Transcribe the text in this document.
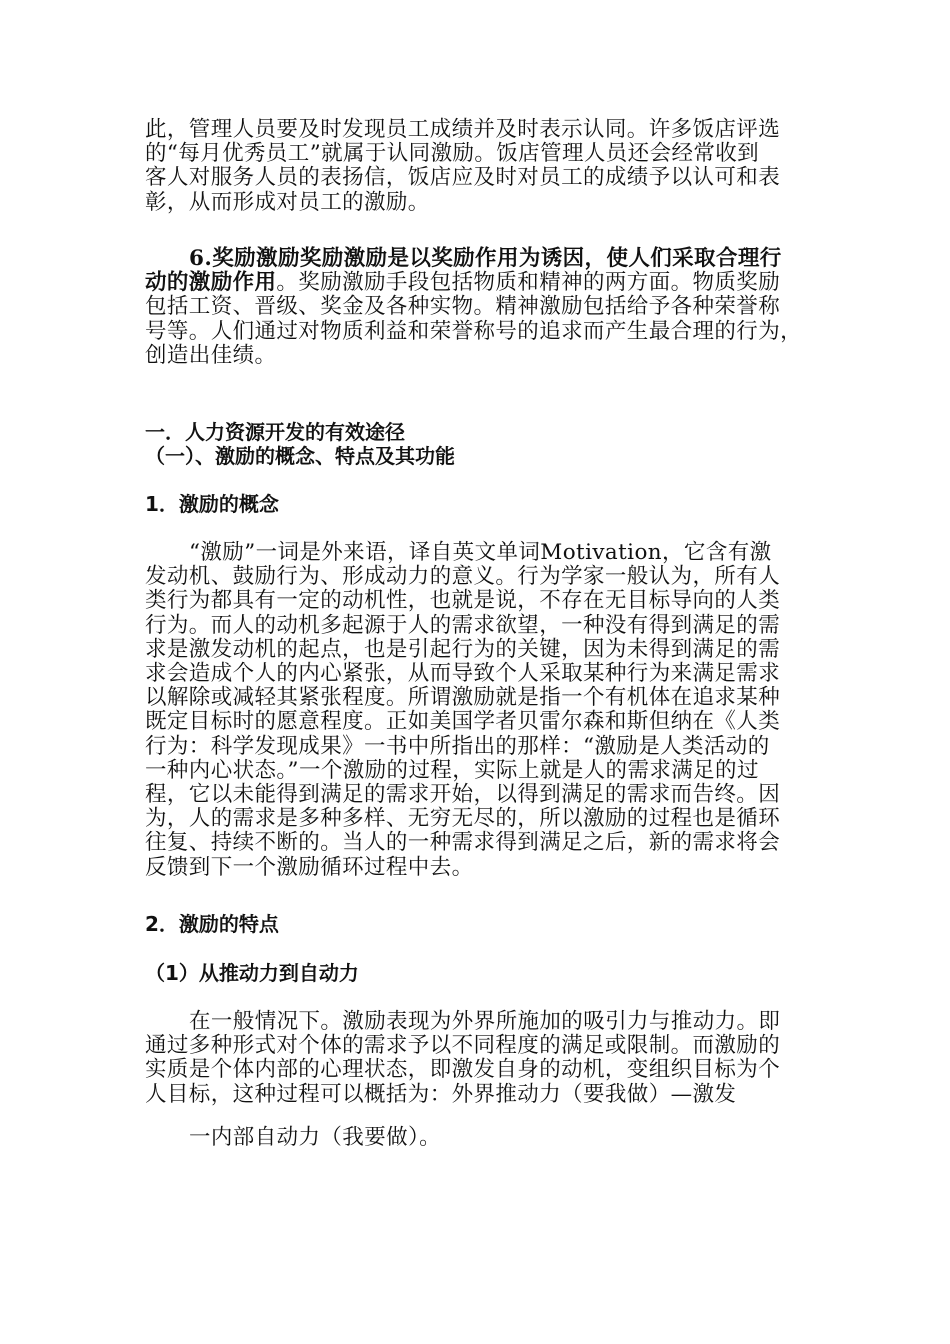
此，管理人员要及时发现员工成绩并及时表示认同。许多饭店评选
的“每月优秀员工”就属于认同激励。饭店管理人员还会经常收到
客人对服务人员的表扬信，饭店应及时对员工的成绩予以认可和表
彰，从而形成对员工的激励。

6.奖励激励奖励激励是以奖励作用为诱因，使人们采取合理行
动的激励作用。奖励激励手段包括物质和精神的两方面。物质奖励
包括工资、晋级、奖金及各种实物。精神激励包括给予各种荣誉称
号等。人们通过对物质利益和荣誉称号的追求而产生最合理的行为，
创造出佳绩。

一．人力资源开发的有效途径
（一）、激励的概念、特点及其功能
1．激励的概念

“激励”一词是外来语，译自英文单词Motivation，它含有激
发动机、鼓励行为、形成动力的意义。行为学家一般认为，所有人
类行为都具有一定的动机性，也就是说，不存在无目标导向的人类
行为。而人的动机多起源于人的需求欲望，一种没有得到满足的需
求是激发动机的起点，也是引起行为的关键，因为未得到满足的需
求会造成个人的内心紧张，从而导致个人采取某种行为来满足需求
以解除或减轻其紧张程度。所谓激励就是指一个有机体在追求某种
既定目标时的愿意程度。正如美国学者贝雷尔森和斯但纳在《人类
行为：科学发现成果》一书中所指出的那样：“激励是人类活动的
一种内心状态。”一个激励的过程，实际上就是人的需求满足的过
程，它以未能得到满足的需求开始，以得到满足的需求而告终。因
为，人的需求是多种多样、无穷无尽的，所以激励的过程也是循环
往复、持续不断的。当人的一种需求得到满足之后，新的需求将会
反馈到下一个激励循环过程中去。

2．激励的特点
（1）从推动力到自动力

在一般情况下。激励表现为外界所施加的吸引力与推动力。即
通过多种形式对个体的需求予以不同程度的满足或限制。而激励的
实质是个体内部的心理状态，即激发自身的动机，变组织目标为个
人目标，这种过程可以概括为：外界推动力（要我做）—激发

一内部自动力（我要做）。
